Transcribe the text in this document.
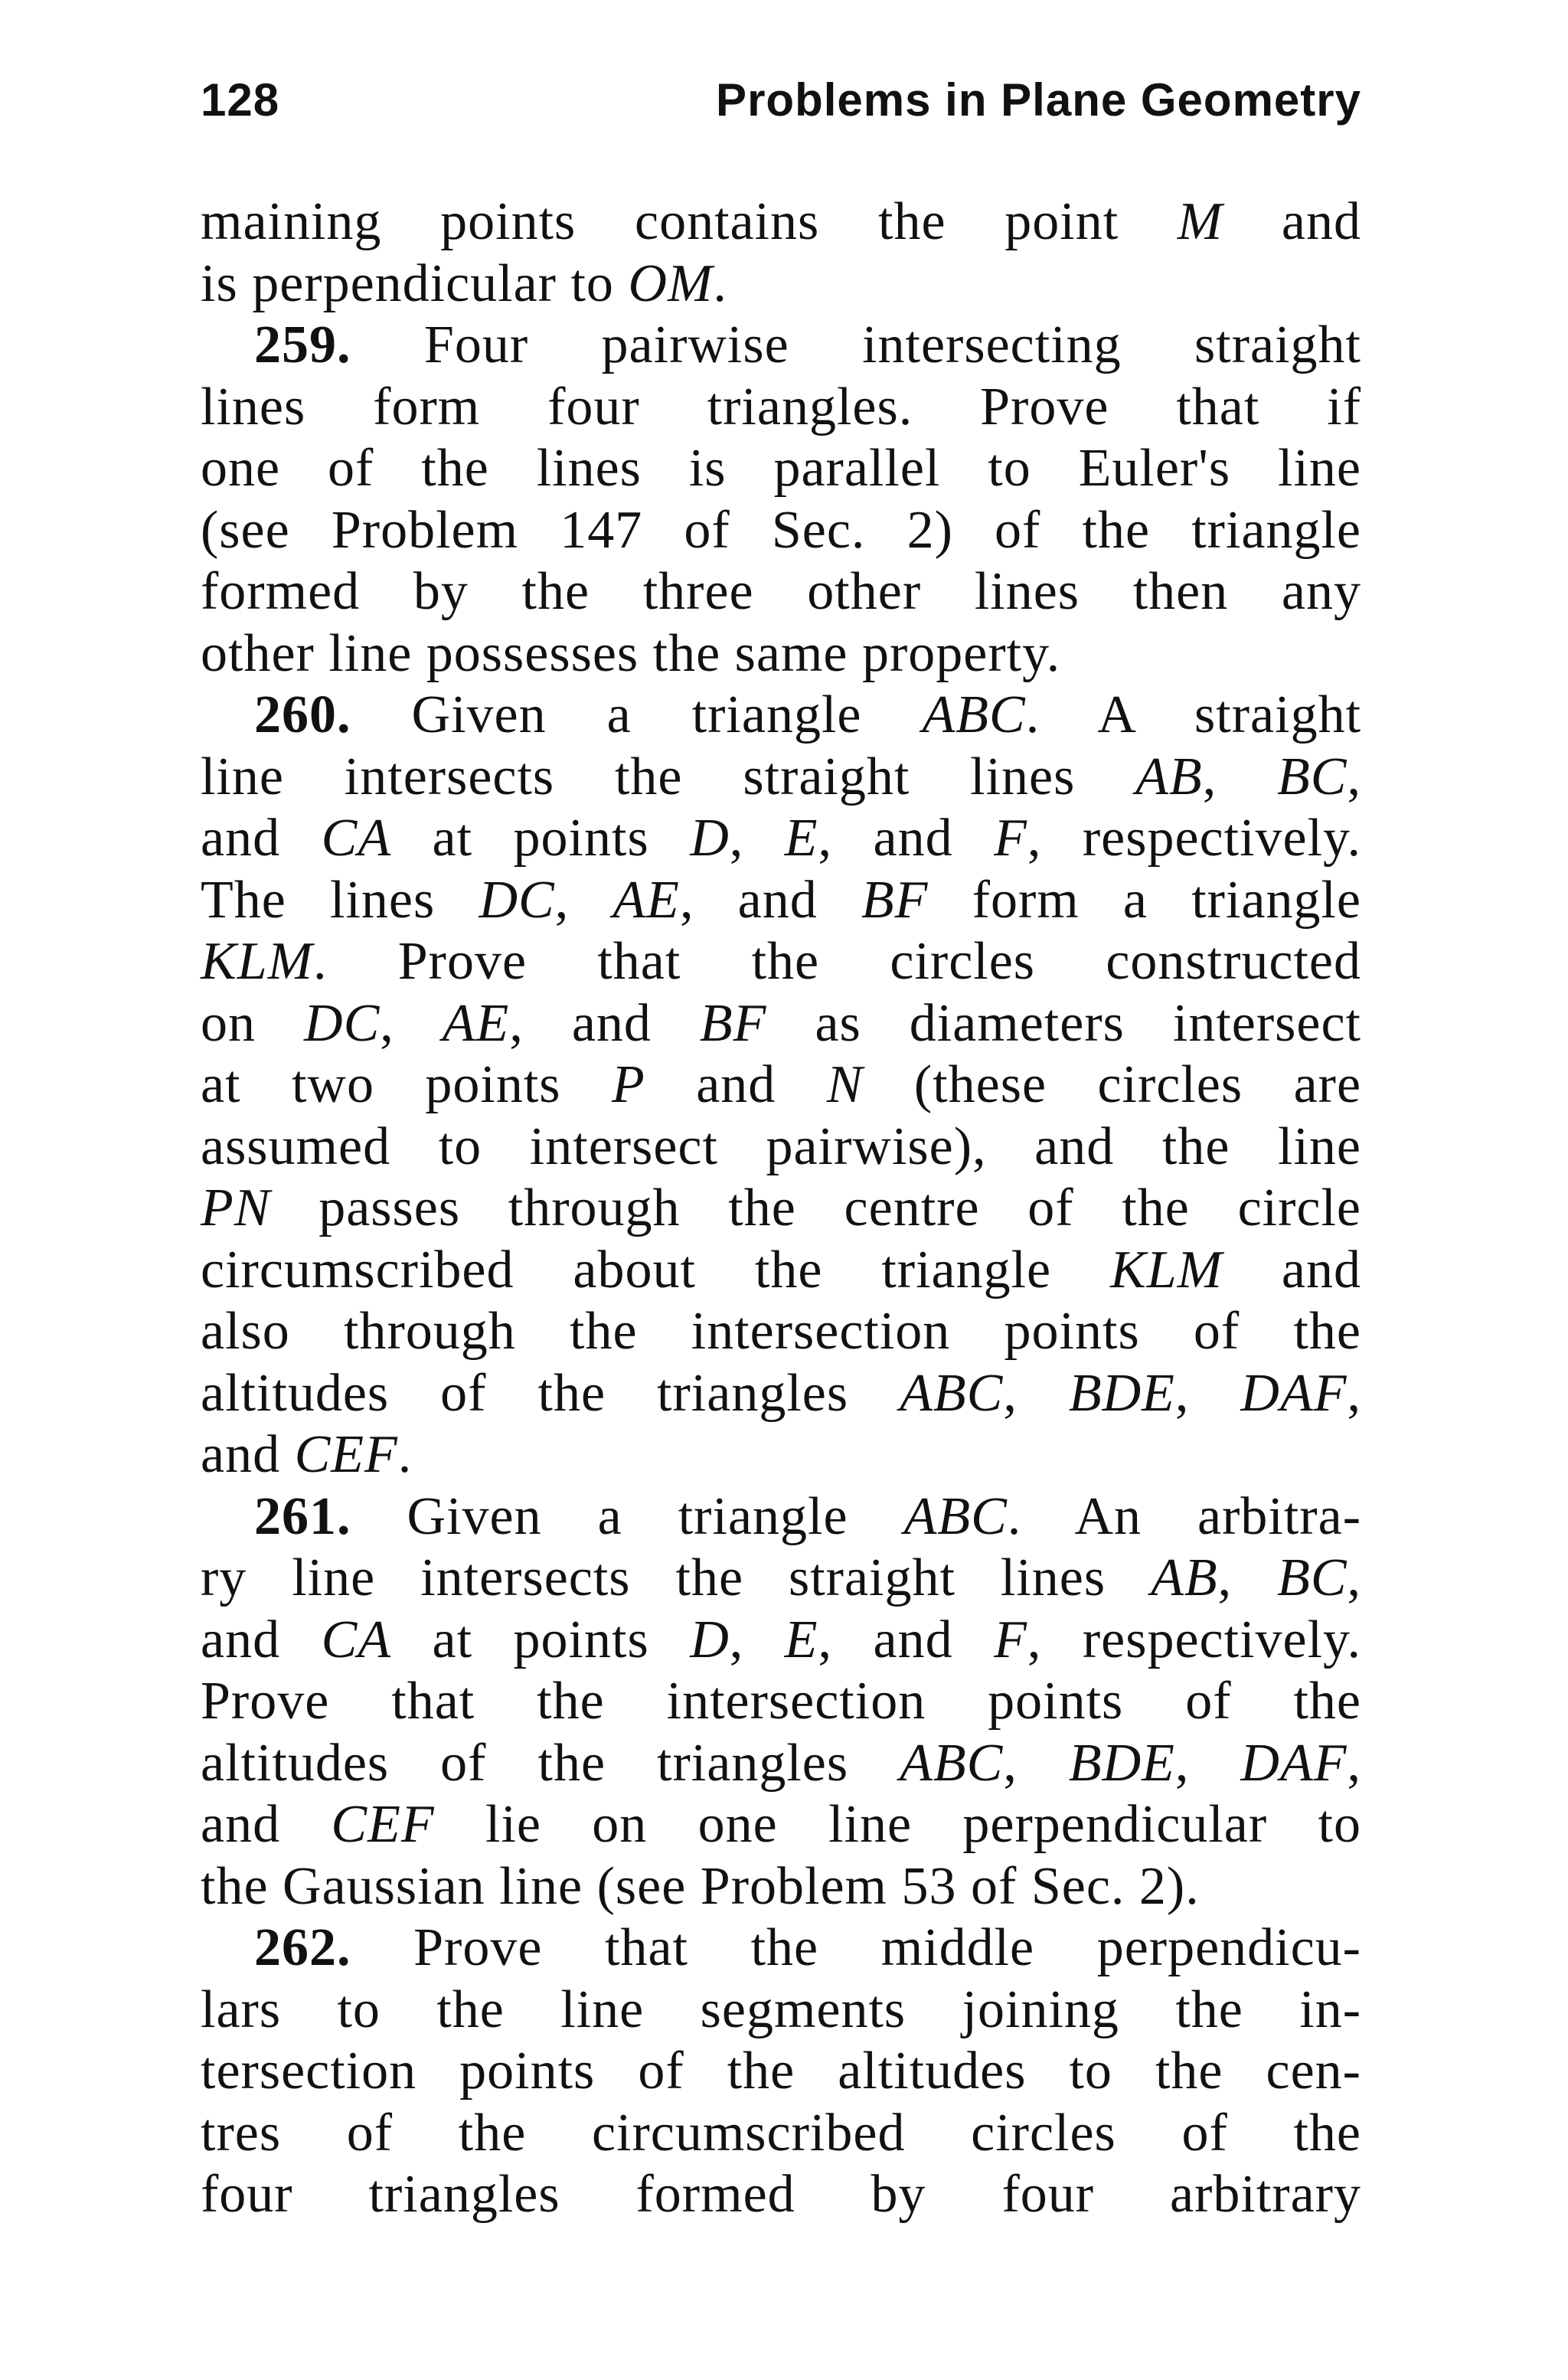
128	Problems in Plane Geometry
maining points contains the point M and
is perpendicular to OM.
259. Four pairwise intersecting straight
lines form four triangles. Prove that if
one of the lines is parallel to Euler's line
(see Problem 147 of Sec. 2) of the triangle
formed by the three other lines then any
other line possesses the same property.
260. Given a triangle ABC. A straight
line intersects the straight lines AB, BC,
and CA at points D, E, and F, respectively.
The lines DC, AE, and BF form a triangle
KLM. Prove that the circles constructed
on DC, AE, and BF as diameters intersect
at two points P and N (these circles are
assumed to intersect pairwise), and the line
PN passes through the centre of the circle
circumscribed about the triangle KLM and
also through the intersection points of the
altitudes of the triangles ABC, BDE, DAF,
and CEF.
261. Given a triangle ABC. An arbitra-
ry line intersects the straight lines AB, BC,
and CA at points D, E, and F, respectively.
Prove that the intersection points of the
altitudes of the triangles ABC, BDE, DAF,
and CEF lie on one line perpendicular to
the Gaussian line (see Problem 53 of Sec. 2).
262. Prove that the middle perpendicu-
lars to the line segments joining the in-
tersection points of the altitudes to the cen-
tres of the circumscribed circles of the
four triangles formed by four arbitrary
